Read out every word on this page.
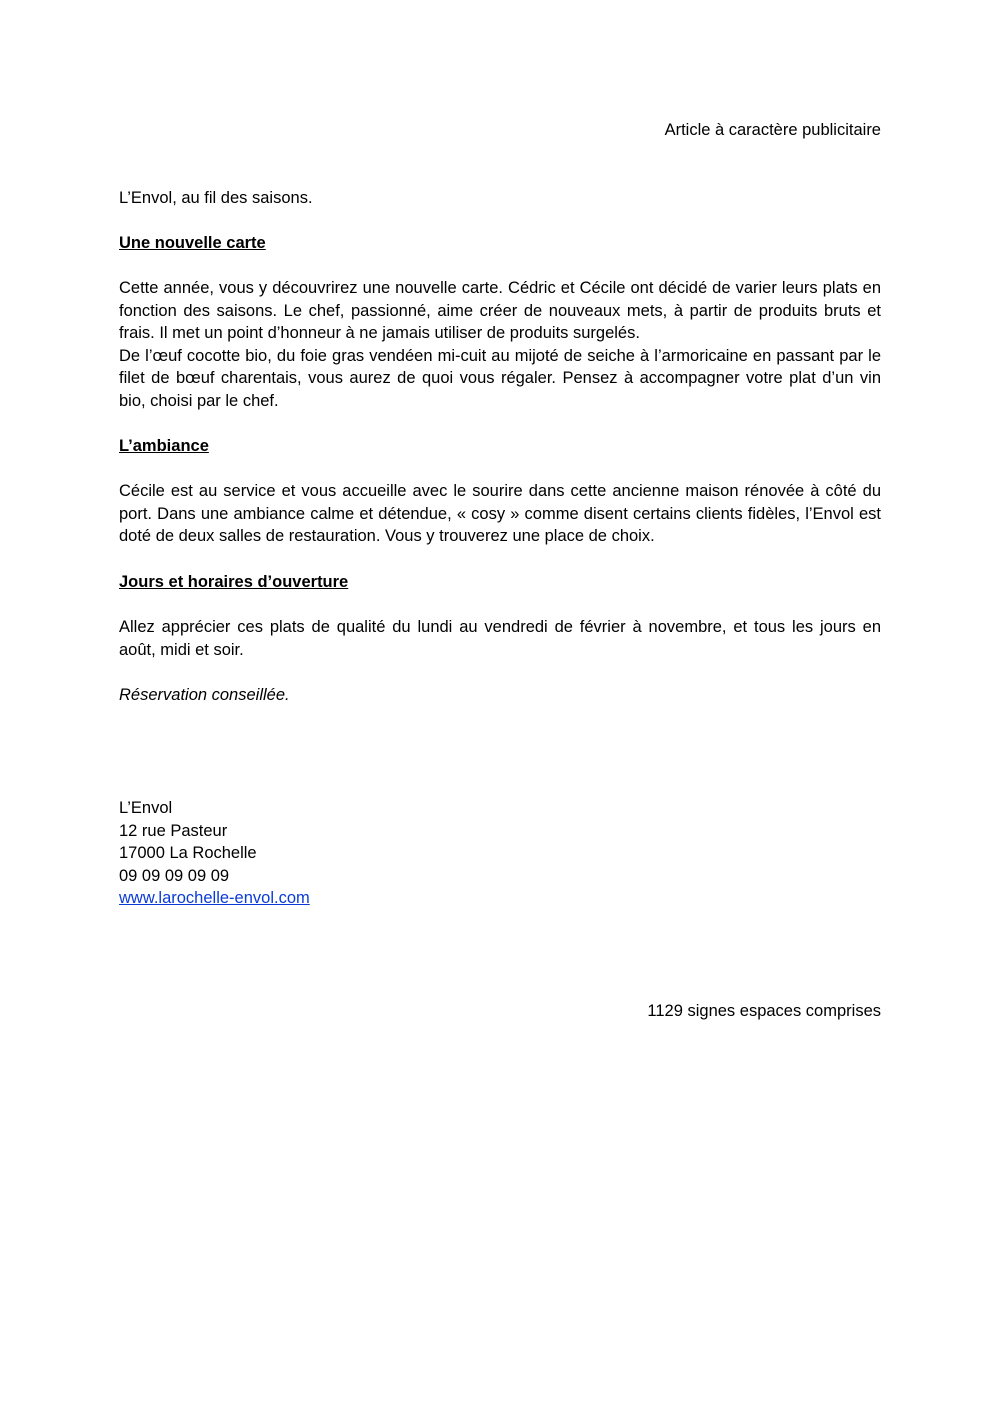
Article à caractère publicitaire

L’Envol, au fil des saisons.

Une nouvelle carte

Cette année, vous y découvrirez une nouvelle carte. Cédric et Cécile ont décidé de varier leurs plats en fonction des saisons. Le chef, passionné, aime créer de nouveaux mets, à partir de produits bruts et frais. Il met un point d’honneur à ne jamais utiliser de produits surgelés.
De l’œuf cocotte bio, du foie gras vendéen mi-cuit au mijoté de seiche à l’armoricaine en passant par le filet de bœuf charentais, vous aurez de quoi vous régaler. Pensez à accompagner votre plat d’un vin bio, choisi par le chef.

L’ambiance

Cécile est au service et vous accueille avec le sourire dans cette ancienne maison rénovée à côté du port. Dans une ambiance calme et détendue, « cosy » comme disent certains clients fidèles, l’Envol est doté de deux salles de restauration. Vous y trouverez une place de choix.

Jours et horaires d’ouverture

Allez apprécier ces plats de qualité du lundi au vendredi de février à novembre, et tous les jours en août, midi et soir.

Réservation conseillée.

L’Envol
12 rue Pasteur
17000 La Rochelle
09 09 09 09 09
www.larochelle-envol.com

1129 signes espaces comprises
